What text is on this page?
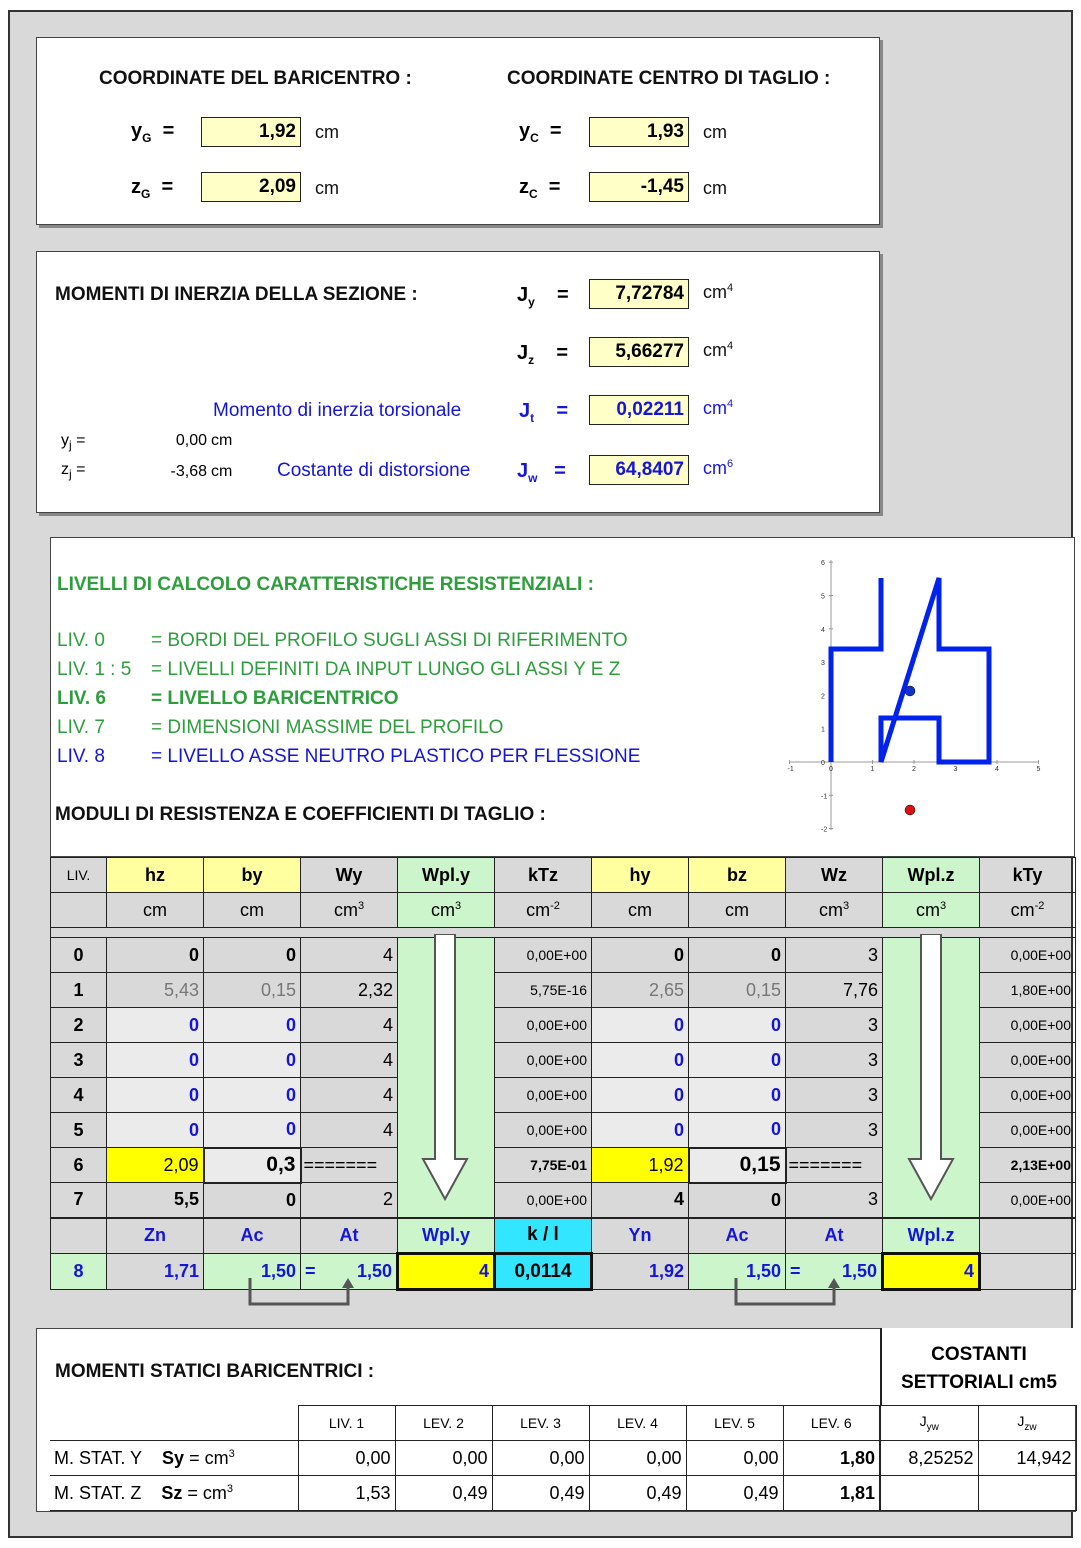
COORDINATE DEL BARICENTRO :	COORDINATE CENTRO DI TAGLIO :
$y_G$  =	1,92 cm
$z_G$  =	2,09 cm
$y_C$  =	1,93 cm
$z_C$  =	-1,45 cm
MOMENTI DI INERZIA DELLA SEZIONE :	$J_y$    =	7,72784 $cm^4$
$J_z$    =	5,66277 $cm^4$
Momento di inerzia torsionale	$J_t$    =	0,02211 $cm^4$
$y_j$ =	0,00 cm
$z_j$ =	-3,68 cm Costante di distorsione $J_w$   =	64,8407 $cm^6$
LIVELLI DI CALCOLO CARATTERISTICHE RESISTENZIALI :
LIV. 0 = BORDI DEL PROFILO SUGLI ASSI DI RIFERIMENTO
LIV. 1 : 5 = LIVELLI DEFINITI DA INPUT LUNGO GLI ASSI Y E Z
LIV. 6 = LIVELLO BARICENTRICO
LIV. 7 = DIMENSIONI MASSIME DEL PROFILO
LIV. 8 = LIVELLO ASSE NEUTRO PLASTICO PER FLESSIONE
MODULI DI RESISTENZA E COEFFICIENTI DI TAGLIO :
-1	0	1	2	3	4	5
6
5
4
3
2
1
0
-1
-2
LIV.	hz	by	Wy	Wpl.y	kTz	hy	bz	Wz	Wpl.z	kTy
	cm	cm	$cm^3$	$cm^3$	$cm^{-2}$	cm	cm	$cm^3$	$cm^3$	$cm^{-2}$

0	0	0	4		0,00E+00	0	0	3		0,00E+00
1	5,43	0,15	2,32		5,75E-16	2,65	0,15	7,76		1,80E+00
2	0	0	4		0,00E+00	0	0	3		0,00E+00
3	0	0	4		0,00E+00	0	0	3		0,00E+00
4	0	0	4		0,00E+00	0	0	3		0,00E+00
5	0	0	4		0,00E+00	0	0	3		0,00E+00
6	2,09	0,3	=======		7,75E-01	1,92	0,15	=======		2,13E+00
7	5,5	0	2		0,00E+00	4	0	3		0,00E+00
	Zn	Ac	At	Wpl.y	k / l	Yn	Ac	At	Wpl.z	
8	1,71	1,50	= 1,50	4	0,0114	1,92	1,50	= 1,50	4	
MOMENTI STATICI BARICENTRICI :
COSTANTI
SETTORIALI cm5
	LIV. 1	LEV. 2	LEV. 3	LEV. 4	LEV. 5	LEV. 6	$J_{yw}$	$J_{zw}$
M. STAT. Y $Sy = cm^3$	0,00	0,00	0,00	0,00	0,00	1,80	8,25252	14,942
M. STAT. Z $Sz = cm^3$	1,53	0,49	0,49	0,49	0,49	1,81		
